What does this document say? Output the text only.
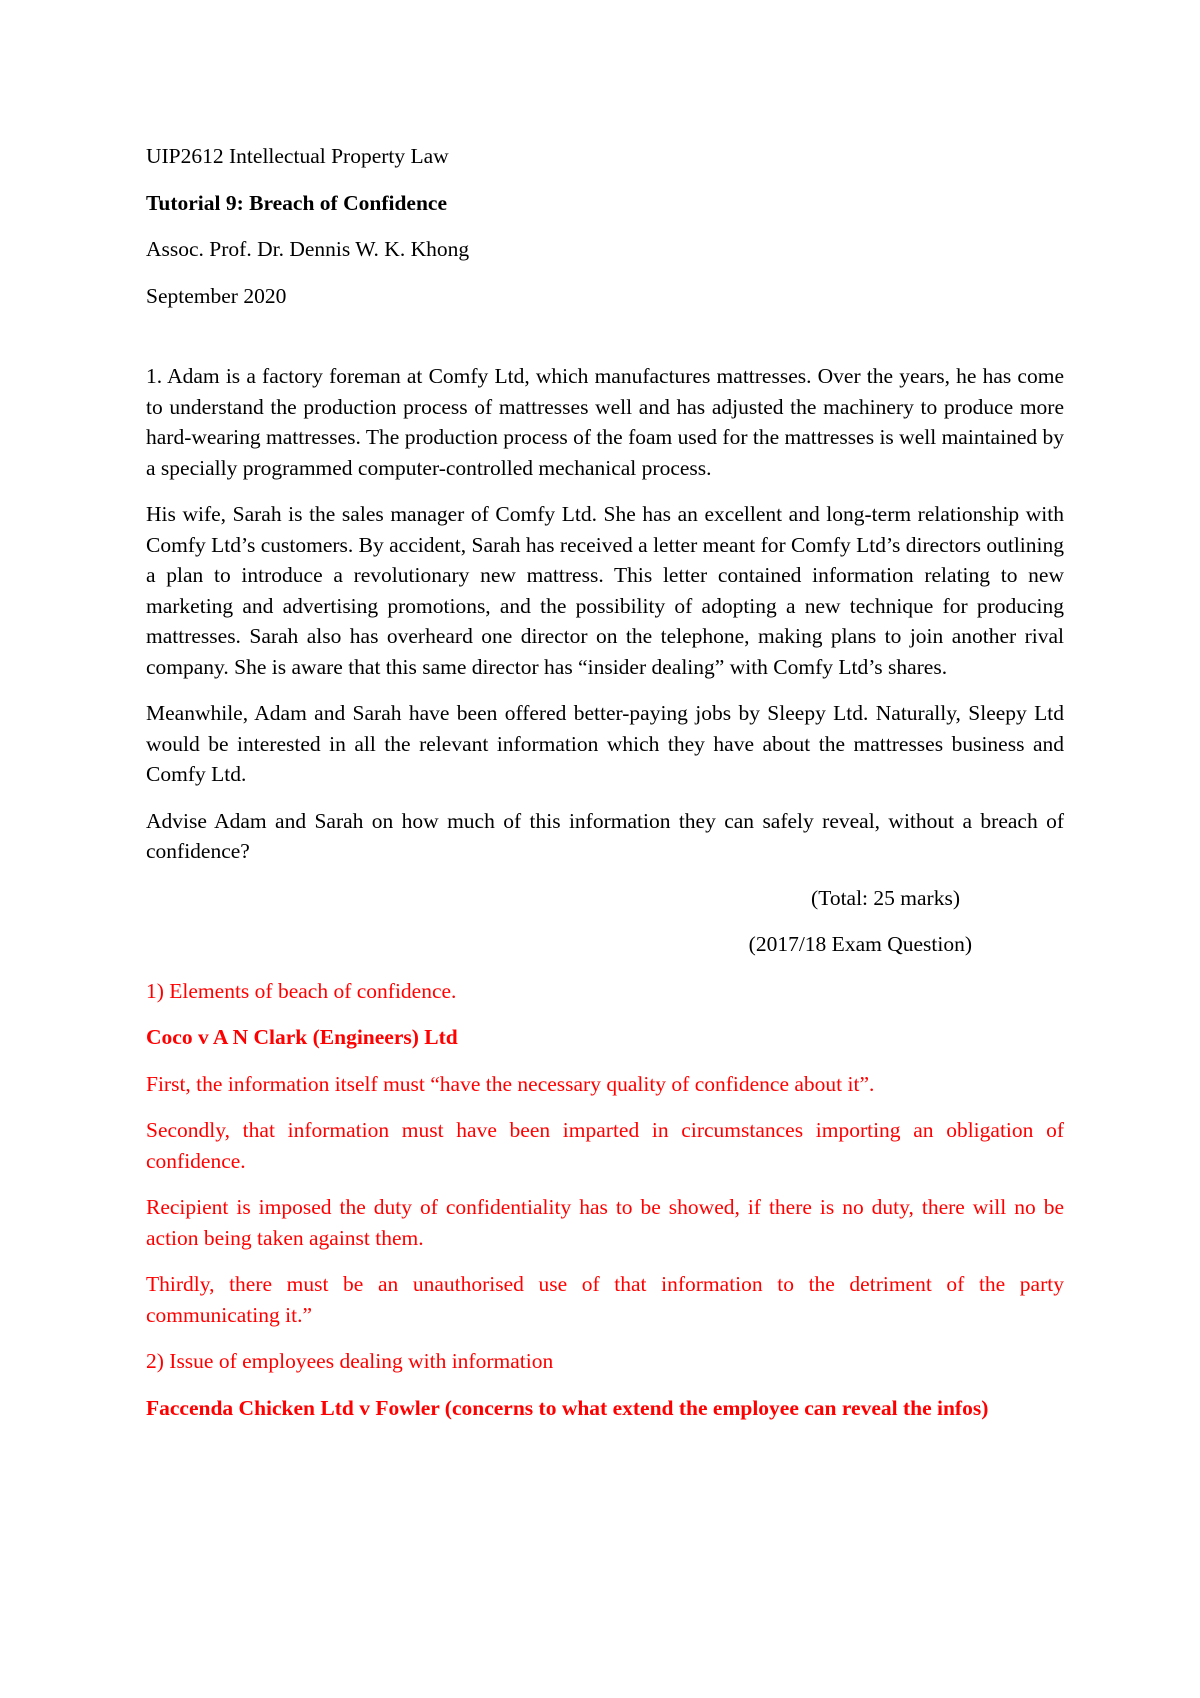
UIP2612 Intellectual Property Law
Tutorial 9: Breach of Confidence
Assoc. Prof. Dr. Dennis W. K. Khong
September 2020

1. Adam is a factory foreman at Comfy Ltd, which manufactures mattresses. Over the years, he has come to understand the production process of mattresses well and has adjusted the machinery to produce more hard-wearing mattresses. The production process of the foam used for the mattresses is well maintained by a specially programmed computer-controlled mechanical process.

His wife, Sarah is the sales manager of Comfy Ltd. She has an excellent and long-term relationship with Comfy Ltd’s customers. By accident, Sarah has received a letter meant for Comfy Ltd’s directors outlining a plan to introduce a revolutionary new mattress. This letter contained information relating to new marketing and advertising promotions, and the possibility of adopting a new technique for producing mattresses. Sarah also has overheard one director on the telephone, making plans to join another rival company. She is aware that this same director has “insider dealing” with Comfy Ltd’s shares.

Meanwhile, Adam and Sarah have been offered better-paying jobs by Sleepy Ltd. Naturally, Sleepy Ltd would be interested in all the relevant information which they have about the mattresses business and Comfy Ltd.

Advise Adam and Sarah on how much of this information they can safely reveal, without a breach of confidence?

(Total: 25 marks)
(2017/18 Exam Question)

1) Elements of beach of confidence.

Coco v A N Clark (Engineers) Ltd

First, the information itself must “have the necessary quality of confidence about it”.

Secondly, that information must have been imparted in circumstances importing an obligation of confidence.

Recipient is imposed the duty of confidentiality has to be showed, if there is no duty, there will no be action being taken against them.

Thirdly, there must be an unauthorised use of that information to the detriment of the party communicating it.”

2) Issue of employees dealing with information

Faccenda Chicken Ltd v Fowler (concerns to what extend the employee can reveal the infos)
